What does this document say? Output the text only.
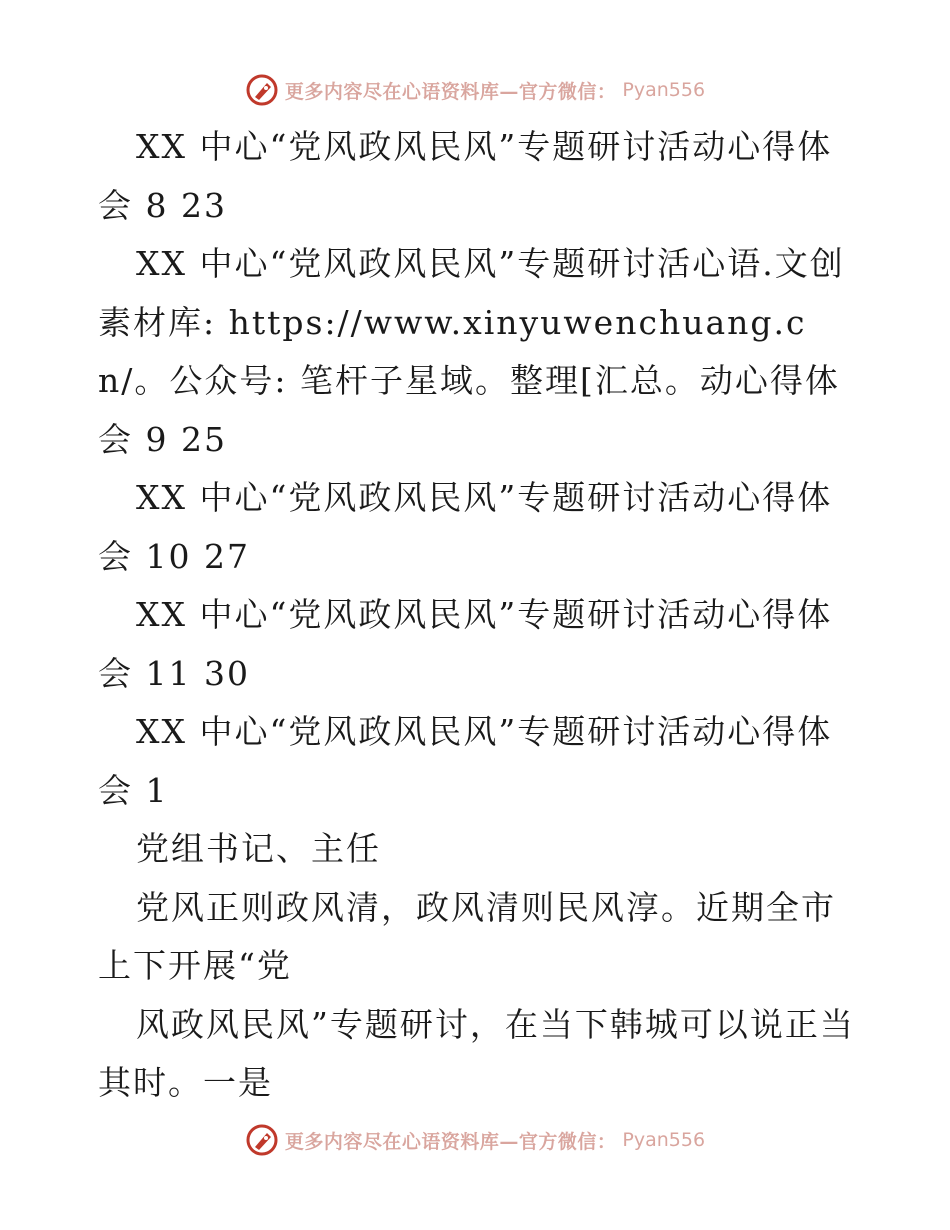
更多内容尽在心语资料库—官方微信： Pyan556

XX 中心“党风政风民风”专题研讨活动心得体会 8 23

XX 中心“党风政风民风”专题研讨活心语.文创素材库: https://www.xinyuwenchuang.cn/。公众号: 笔杆子星域。整理[汇总。动心得体会 9 25

XX 中心“党风政风民风”专题研讨活动心得体会 10 27

XX 中心“党风政风民风”专题研讨活动心得体会 11 30

XX 中心“党风政风民风”专题研讨活动心得体会 1

党组书记、主任

党风正则政风清，政风清则民风淳。近期全市上下开展“党

风政风民风”专题研讨，在当下韩城可以说正当其时。一是

更多内容尽在心语资料库—官方微信： Pyan556
